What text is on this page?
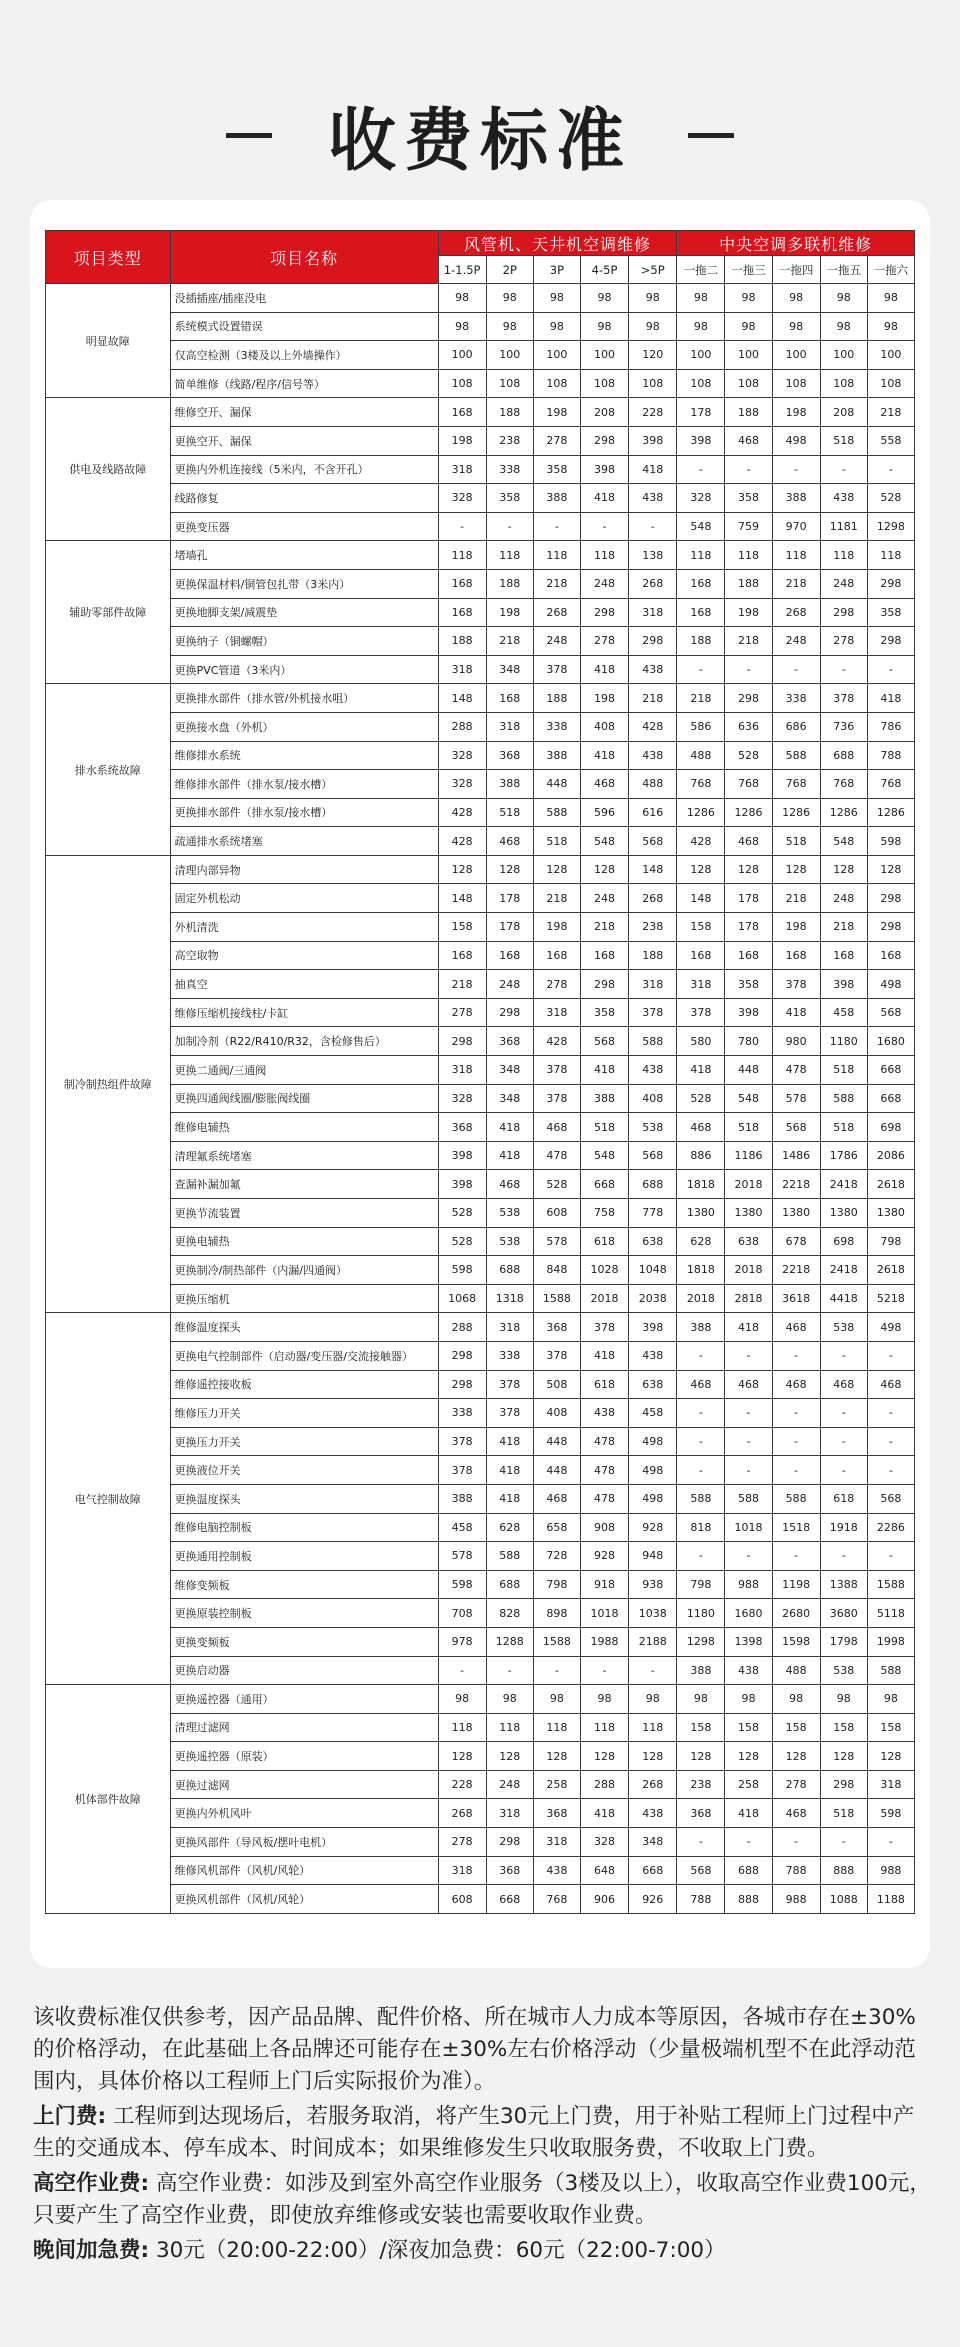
收费标准
项目类型	项目名称	风管机、天井机空调维修					中央空调多联机维修				
		1-1.5P	2P	3P	4-5P	>5P	一拖二	一拖三	一拖四	一拖五	一拖六
明显故障	没插插座/插座没电	98	98	98	98	98	98	98	98	98	98
	系统模式设置错误	98	98	98	98	98	98	98	98	98	98
	仅高空检测（3楼及以上外墙操作）	100	100	100	100	120	100	100	100	100	100
	简单维修（线路/程序/信号等）	108	108	108	108	108	108	108	108	108	108
供电及线路故障	维修空开、漏保	168	188	198	208	228	178	188	198	208	218
	更换空开、漏保	198	238	278	298	398	398	468	498	518	558
	更换内外机连接线（5米内，不含开孔）	318	338	358	398	418	-	-	-	-	-
	线路修复	328	358	388	418	438	328	358	388	438	528
	更换变压器	-	-	-	-	-	548	759	970	1181	1298
辅助零部件故障	堵墙孔	118	118	118	118	138	118	118	118	118	118
	更换保温材料/铜管包扎带（3米内）	168	188	218	248	268	168	188	218	248	298
	更换地脚支架/减震垫	168	198	268	298	318	168	198	268	298	358
	更换纳子（铜螺帽）	188	218	248	278	298	188	218	248	278	298
	更换PVC管道（3米内）	318	348	378	418	438	-	-	-	-	-
排水系统故障	更换排水部件（排水管/外机接水咀）	148	168	188	198	218	218	298	338	378	418
	更换接水盘（外机）	288	318	338	408	428	586	636	686	736	786
	维修排水系统	328	368	388	418	438	488	528	588	688	788
	维修排水部件（排水泵/接水槽）	328	388	448	468	488	768	768	768	768	768
	更换排水部件（排水泵/接水槽）	428	518	588	596	616	1286	1286	1286	1286	1286
	疏通排水系统堵塞	428	468	518	548	568	428	468	518	548	598
制冷制热组件故障	清理内部异物	128	128	128	128	148	128	128	128	128	128
	固定外机松动	148	178	218	248	268	148	178	218	248	298
	外机清洗	158	178	198	218	238	158	178	198	218	298
	高空取物	168	168	168	168	188	168	168	168	168	168
	抽真空	218	248	278	298	318	318	358	378	398	498
	维修压缩机接线柱/卡缸	278	298	318	358	378	378	398	418	458	568
	加制冷剂（R22/R410/R32，含检修售后）	298	368	428	568	588	580	780	980	1180	1680
	更换二通阀/三通阀	318	348	378	418	438	418	448	478	518	668
	更换四通阀线圈/膨胀阀线圈	328	348	378	388	408	528	548	578	588	668
	维修电辅热	368	418	468	518	538	468	518	568	518	698
	清理氟系统堵塞	398	418	478	548	568	886	1186	1486	1786	2086
	查漏补漏加氟	398	468	528	668	688	1818	2018	2218	2418	2618
	更换节流装置	528	538	608	758	778	1380	1380	1380	1380	1380
	更换电辅热	528	538	578	618	638	628	638	678	698	798
	更换制冷/制热部件（内漏/四通阀）	598	688	848	1028	1048	1818	2018	2218	2418	2618
	更换压缩机	1068	1318	1588	2018	2038	2018	2818	3618	4418	5218
电气控制故障	维修温度探头	288	318	368	378	398	388	418	468	538	498
	更换电气控制部件（启动器/变压器/交流接触器）	298	338	378	418	438	-	-	-	-	-
	维修遥控接收板	298	378	508	618	638	468	468	468	468	468
	维修压力开关	338	378	408	438	458	-	-	-	-	-
	更换压力开关	378	418	448	478	498	-	-	-	-	-
	更换液位开关	378	418	448	478	498	-	-	-	-	-
	更换温度探头	388	418	468	478	498	588	588	588	618	568
	维修电脑控制板	458	628	658	908	928	818	1018	1518	1918	2286
	更换通用控制板	578	588	728	928	948	-	-	-	-	-
	维修变频板	598	688	798	918	938	798	988	1198	1388	1588
	更换原装控制板	708	828	898	1018	1038	1180	1680	2680	3680	5118
	更换变频板	978	1288	1588	1988	2188	1298	1398	1598	1798	1998
	更换启动器	-	-	-	-	-	388	438	488	538	588
机体部件故障	更换遥控器（通用）	98	98	98	98	98	98	98	98	98	98
	清理过滤网	118	118	118	118	118	158	158	158	158	158
	更换遥控器（原装）	128	128	128	128	128	128	128	128	128	128
	更换过滤网	228	248	258	288	268	238	258	278	298	318
	更换内外机风叶	268	318	368	418	438	368	418	468	518	598
	更换风部件（导风板/摆叶电机）	278	298	318	328	348	-	-	-	-	-
	维修风机部件（风机/风轮）	318	368	438	648	668	568	688	788	888	988
	更换风机部件（风机/风轮）	608	668	768	906	926	788	888	988	1088	1188

该收费标准仅供参考，因产品品牌、配件价格、所在城市人力成本等原因，各城市存在±30%的价格浮动，在此基础上各品牌还可能存在±30%左右价格浮动（少量极端机型不在此浮动范围内，具体价格以工程师上门后实际报价为准）。

上门费: 工程师到达现场后，若服务取消，将产生30元上门费，用于补贴工程师上门过程中产生的交通成本、停车成本、时间成本；如果维修发生只收取服务费，不收取上门费。

高空作业费: 高空作业费：如涉及到室外高空作业服务（3楼及以上），收取高空作业费100元，只要产生了高空作业费，即使放弃维修或安装也需要收取作业费。

晚间加急费: 30元（20:00-22:00）/深夜加急费：60元（22:00-7:00）
